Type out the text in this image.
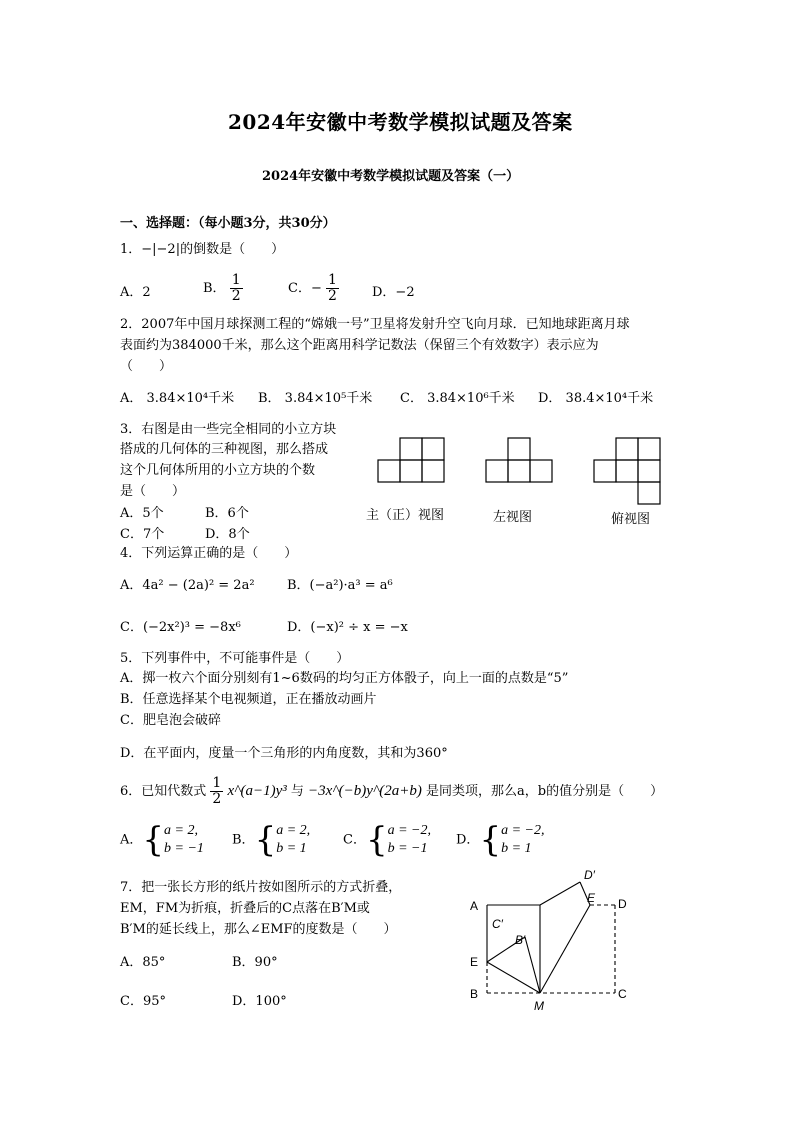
2024年安徽中考数学模拟试题及答案
2024年安徽中考数学模拟试题及答案（一）
一、选择题：（每小题3分，共30分）
1．−|−2|的倒数是（　　）
A．2	B． $\frac{1}{2}$	C．− $\frac{1}{2}$	D．−2
2．2007年中国月球探测工程的“嫦娥一号”卫星将发射升空飞向月球．已知地球距离月球
表面约为384000千米，那么这个距离用科学记数法（保留三个有效数字）表示应为
（　　）
A． 3.84×10⁴千米 B． 3.84×10⁵千米 C． 3.84×10⁶千米 D． 38.4×10⁴千米
3．右图是由一些完全相同的小立方块
搭成的几何体的三种视图，那么搭成
这个几何体所用的小立方块的个数
是（　　）
A．5个	B．6个
C．7个	D．8个
主（正）视图	左视图	俯视图
4．下列运算正确的是（　　）
A．4a² − (2a)² = 2a² B．(−a²)·a³ = a⁶
C．(−2x²)³ = −8x⁶	D．(−x)² ÷ x = −x
5．下列事件中，不可能事件是（　　）
A．掷一枚六个面分别刻有1~6数码的均匀正方体骰子，向上一面的点数是“5”
B．任意选择某个电视频道，正在播放动画片
C．肥皂泡会破碎
D．在平面内，度量一个三角形的内角度数，其和为360°
6．已知代数式 $\frac{1}{2}$ x^(a−1)y³ 与 −3x^(−b)y^(2a+b) 是同类项，那么a，b的值分别是（　　）
A．{ a = 2,
b = −1
B．{ a = 2,
b = 1
C．{ a = −2,
b = −1
D．{ a = −2,
b = 1
7．把一张长方形的纸片按如图所示的方式折叠，
EM，FM为折痕，折叠后的C点落在B′M或
B′M的延长线上，那么∠EMF的度数是（　　）
A．85°	B．90°
C．95°	D．100°
A
E
B
M
C
D
E
D′
C′
B′
